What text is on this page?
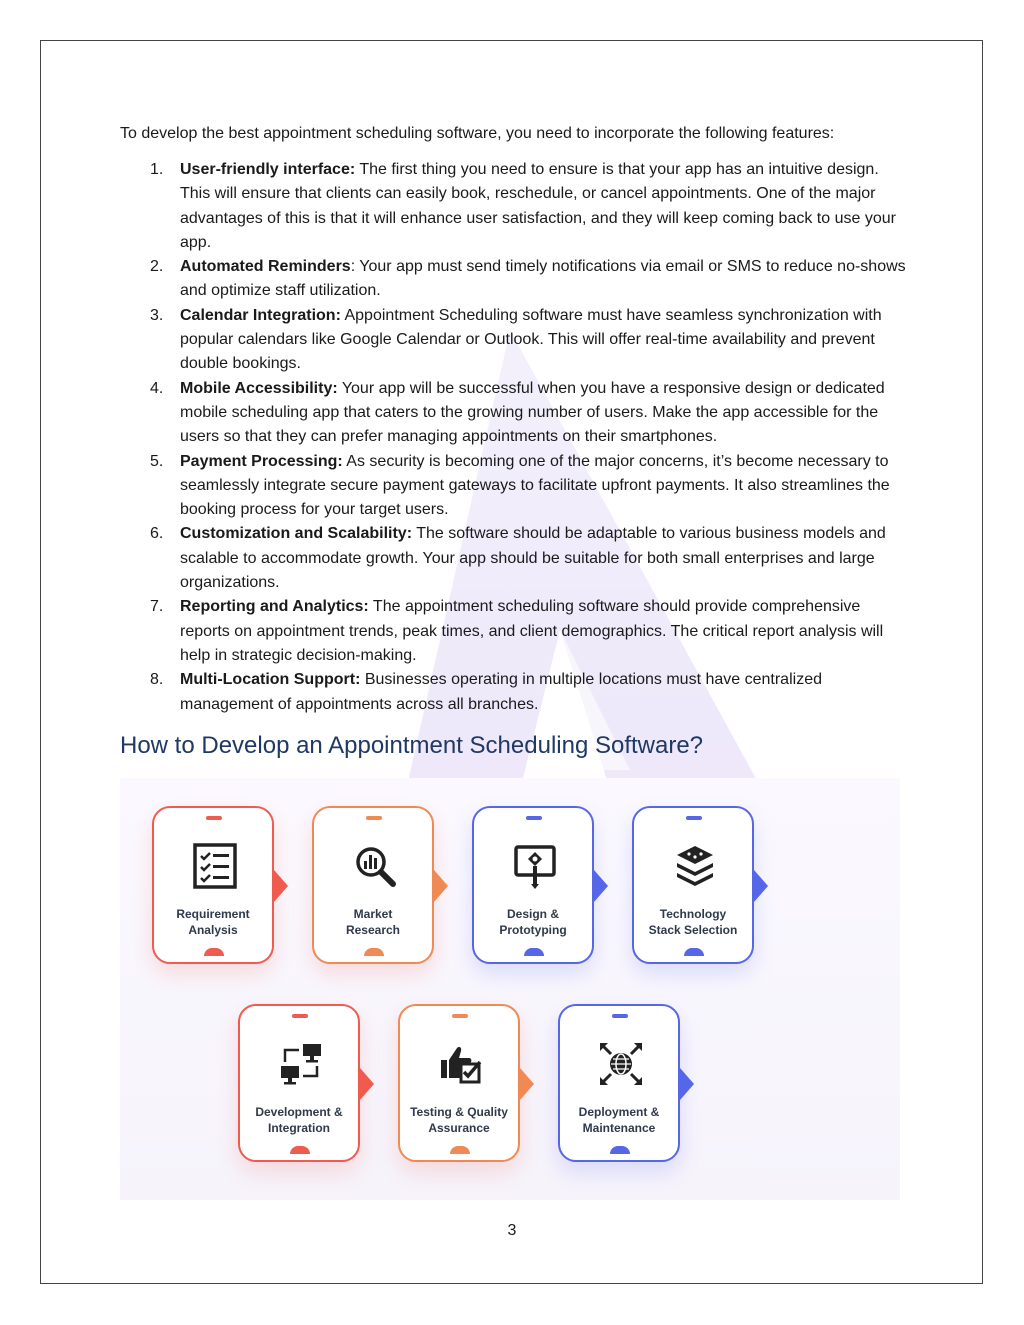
To develop the best appointment scheduling software, you need to incorporate the following features:

1. User-friendly interface: The first thing you need to ensure is that your app has an intuitive design. This will ensure that clients can easily book, reschedule, or cancel appointments. One of the major advantages of this is that it will enhance user satisfaction, and they will keep coming back to use your app.
2. Automated Reminders: Your app must send timely notifications via email or SMS to reduce no-shows and optimize staff utilization.
3. Calendar Integration: Appointment Scheduling software must have seamless synchronization with popular calendars like Google Calendar or Outlook. This will offer real-time availability and prevent double bookings.
4. Mobile Accessibility: Your app will be successful when you have a responsive design or dedicated mobile scheduling app that caters to the growing number of users. Make the app accessible for the users so that they can prefer managing appointments on their smartphones.
5. Payment Processing: As security is becoming one of the major concerns, it’s become necessary to seamlessly integrate secure payment gateways to facilitate upfront payments. It also streamlines the booking process for your target users.
6. Customization and Scalability: The software should be adaptable to various business models and scalable to accommodate growth. Your app should be suitable for both small enterprises and large organizations.
7. Reporting and Analytics: The appointment scheduling software should provide comprehensive reports on appointment trends, peak times, and client demographics. The critical report analysis will help in strategic decision-making.
8. Multi-Location Support: Businesses operating in multiple locations must have centralized management of appointments across all branches.
How to Develop an Appointment Scheduling Software?
Requirement
Analysis
Market
Research
Design &
Prototyping
Technology
Stack Selection
Development &
Integration
Testing & Quality
Assurance
Deployment &
Maintenance
3
